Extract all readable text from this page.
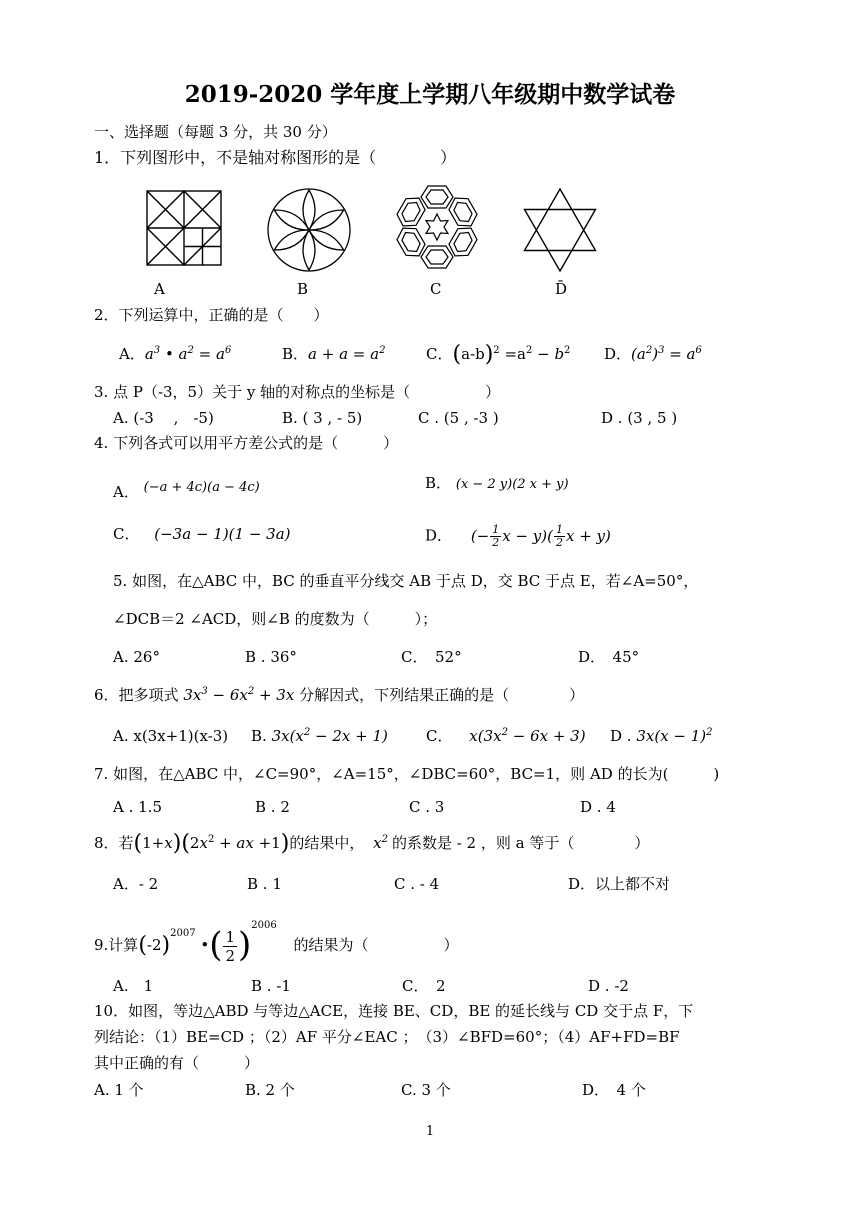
2019-2020 学年度上学期八年级期中数学试卷
一、选择题（每题 3 分，共 30 分）
1．下列图形中，不是轴对称图形的是（　　　　）
A	B	C	D̄
2．下列运算中，正确的是（　　）
A．$a^3$ • $a^2 = a^6$	B．$a + a = a^2$	C．$(a-b)^2 =a^2 - b^2$ D．$(a^2)^3 = a^6$
3. 点 P（-3，5）关于 y 轴的对称点的坐标是（　　　　　）
A. (-3　 ,　-5)	B. ( 3 , - 5)	C . (5 , -3 )	D . (3 , 5 )
4. 下列各式可以用平方差公式的是（　　　）
A． (−a + 4c)(a − 4c)	B． (x − 2 y)(2 x + y)
C． (−3a − 1)(1 − 3a)	D． (− $\frac{1}{2}$ $x - y)( \frac{1}{2}$ x + y)
5. 如图，在△ABC 中，BC 的垂直平分线交 AB 于点 D，交 BC 于点 E，若∠A=50°，
∠DCB＝2 ∠ACD，则∠B 的度数为（　　　）；
A. 26°	B . 36°	C．　52°	D．　45°
6．把多项式 $3x^3 - 6x^2 + 3x$ 分解因式，下列结果正确的是（　　　　）
A. x(3x+1)(x-3) B. $3x(x^2 - 2x + 1)$	C． $x(3x^2 - 6x + 3)$ D . $3x(x - 1)^2$
7. 如图，在△ABC 中，∠C=90°，∠A=15°，∠DBC=60°，BC=1，则 AD 的长为(　　　)
A . 1.5	B . 2	C . 3	D . 4
8．若$(1+x)(2x^2$ + ax +1)的结果中， $x^2$ 的系数是 - 2 ，则 a 等于（　　　　）
A．- 2	B . 1	C . - 4	D．以上都不对
9.计算$(-2)^{2007}$ •( $\frac{1}{2} )^{2006}$ 的结果为（　　　　　）
A.　1	B . -1	C．　2	D . -2
10．如图，等边△ABD 与等边△ACE，连接 BE、CD，BE 的延长线与 CD 交于点 F，下
列结论：（1）BE=CD ；（2）AF 平分∠EAC ；　（3）∠BFD=60°；（4）AF+FD=BF
其中正确的有（　　　）
A. 1 个	B. 2 个	C. 3 个	D．　4 个
1
